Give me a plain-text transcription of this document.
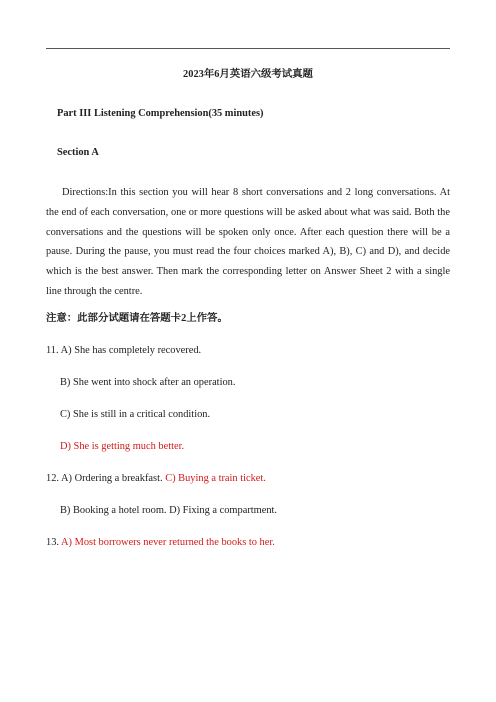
2023年6月英语六级考试真题
Part III Listening Comprehension(35 minutes)
Section A
Directions:In this section you will hear 8 short conversations and 2 long conversations. At the end of each conversation, one or more questions will be asked about what was said. Both the conversations and the questions will be spoken only once. After each question there will be a pause. During the pause, you must read the four choices marked A), B), C) and D), and decide which is the best answer. Then mark the corresponding letter on Answer Sheet 2 with a single line through the centre.
注意：此部分试题请在答题卡2上作答。
11. A) She has completely recovered.
B) She went into shock after an operation.
C) She is still in a critical condition.
D) She is getting much better.
12. A) Ordering a breakfast. C) Buying a train ticket.
B) Booking a hotel room. D) Fixing a compartment.
13. A) Most borrowers never returned the books to her.
